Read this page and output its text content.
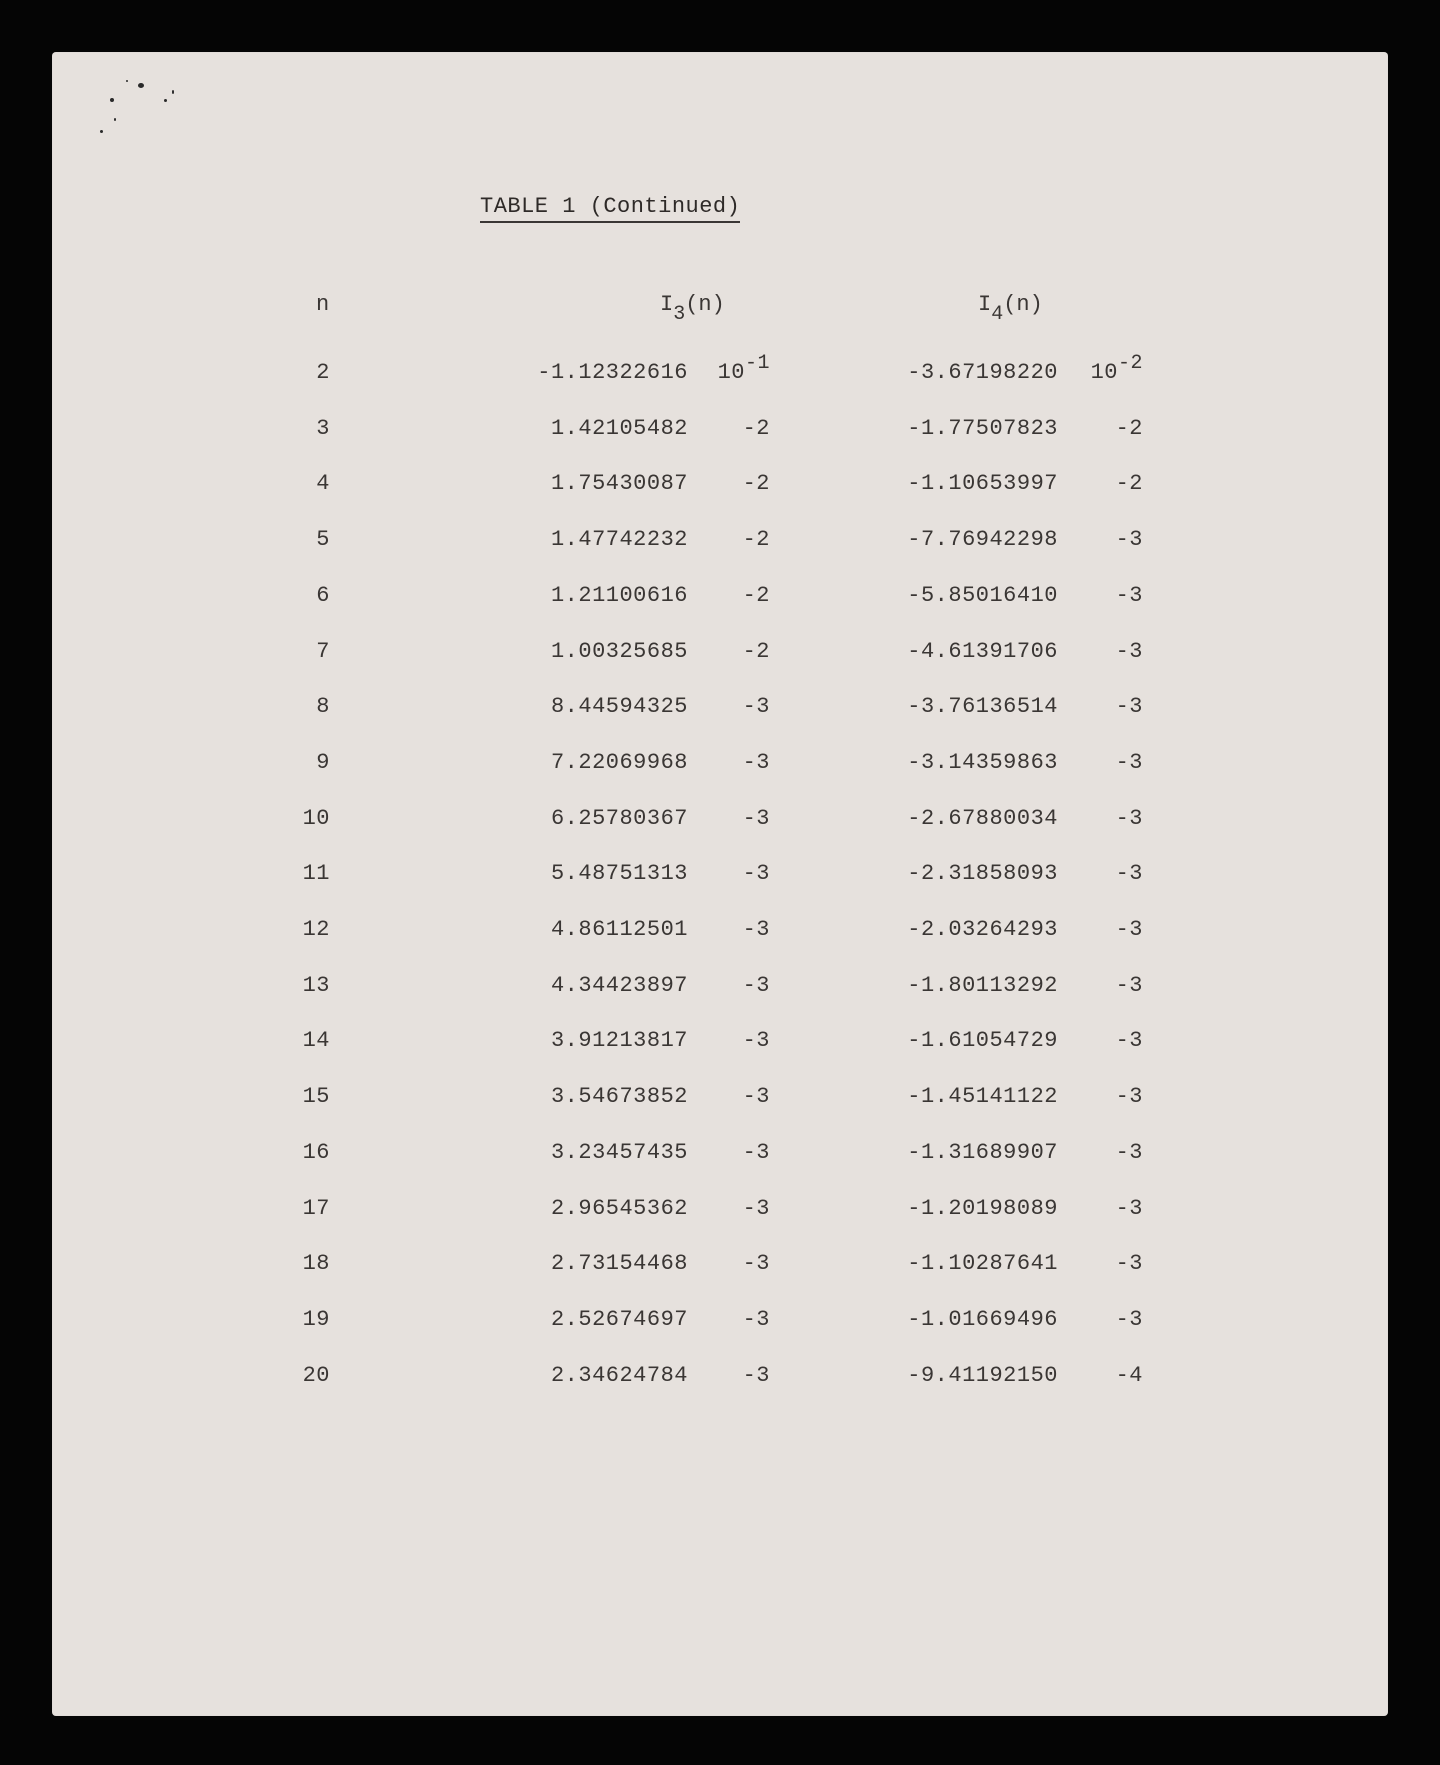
TABLE 1 (Continued)
n	I3(n)	I4(n)
2	-1.12322616	10-1	-3.67198220	10-2
3	1.42105482	-2	-1.77507823	-2
4	1.75430087	-2	-1.10653997	-2
5	1.47742232	-2	-7.76942298	-3
6	1.21100616	-2	-5.85016410	-3
7	1.00325685	-2	-4.61391706	-3
8	8.44594325	-3	-3.76136514	-3
9	7.22069968	-3	-3.14359863	-3
10	6.25780367	-3	-2.67880034	-3
11	5.48751313	-3	-2.31858093	-3
12	4.86112501	-3	-2.03264293	-3
13	4.34423897	-3	-1.80113292	-3
14	3.91213817	-3	-1.61054729	-3
15	3.54673852	-3	-1.45141122	-3
16	3.23457435	-3	-1.31689907	-3
17	2.96545362	-3	-1.20198089	-3
18	2.73154468	-3	-1.10287641	-3
19	2.52674697	-3	-1.01669496	-3
20	2.34624784	-3	-9.41192150	-4
